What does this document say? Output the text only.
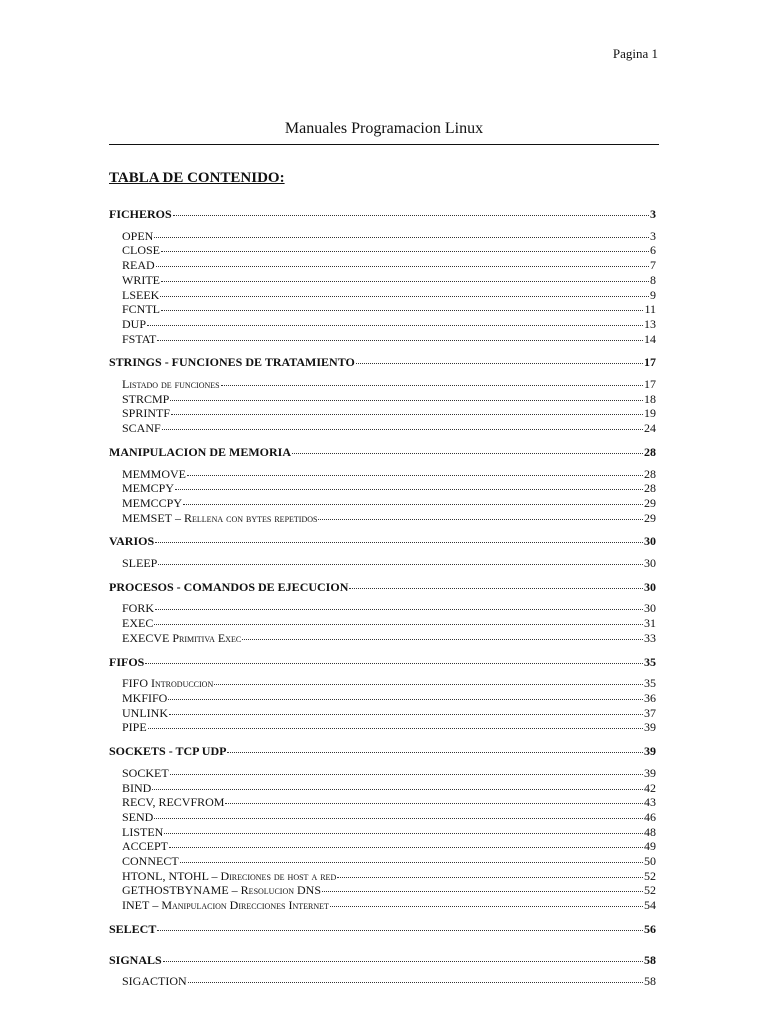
Pagina 1
Manuales Programacion Linux
TABLA DE CONTENIDO:
FICHEROS	3
OPEN	3
CLOSE	6
READ	7
WRITE	8
LSEEK	9
FCNTL	11
DUP	13
FSTAT	14
STRINGS - FUNCIONES DE TRATAMIENTO	17
Listado de funciones	17
STRCMP	18
SPRINTF	19
SCANF	24
MANIPULACION DE MEMORIA	28
MEMMOVE	28
MEMCPY	28
MEMCCPY	29
MEMSET – Rellena con bytes repetidos	29
VARIOS	30
SLEEP	30
PROCESOS - COMANDOS DE EJECUCION	30
FORK	30
EXEC	31
EXECVE Primitiva Exec	33
FIFOS	35
FIFO Introduccion	35
MKFIFO	36
UNLINK	37
PIPE	39
SOCKETS - TCP UDP	39
SOCKET	39
BIND	42
RECV, RECVFROM	43
SEND	46
LISTEN	48
ACCEPT	49
CONNECT	50
HTONL, NTOHL – Direciones de host a red	52
GETHOSTBYNAME – Resolucion DNS	52
INET – Manipulacion Direcciones Internet	54
SELECT	56
SIGNALS	58
SIGACTION	58
